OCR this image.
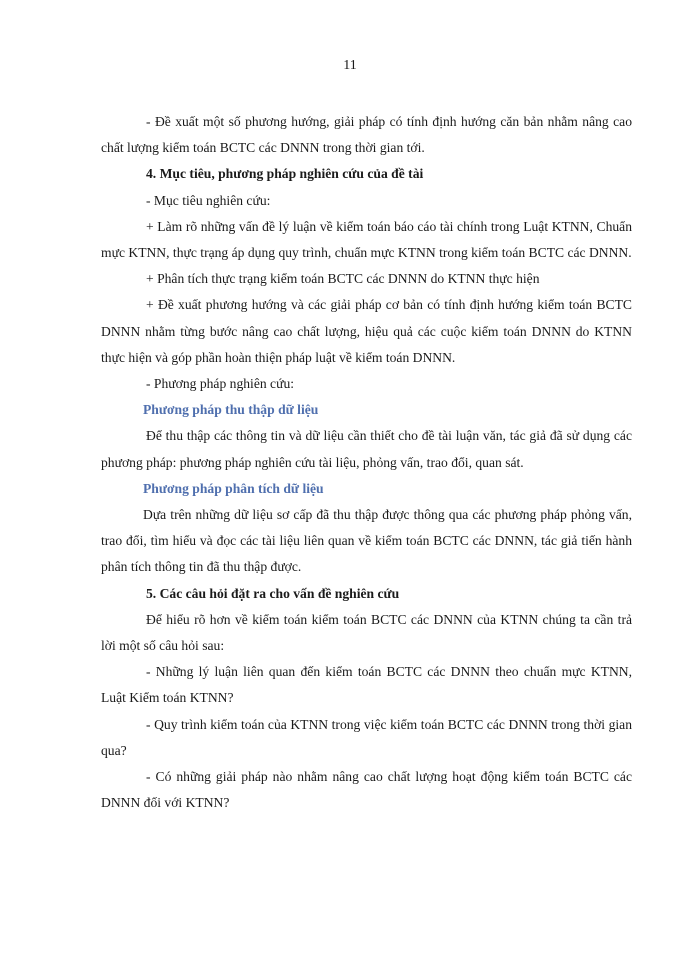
11

- Đề xuất một số phương hướng, giải pháp có tính định hướng căn bản nhằm nâng cao chất lượng kiểm toán BCTC các DNNN trong thời gian tới.

4. Mục tiêu, phương pháp nghiên cứu của đề tài

- Mục tiêu nghiên cứu:

+ Làm rõ những vấn đề lý luận về kiểm toán báo cáo tài chính trong Luật KTNN, Chuẩn mực KTNN, thực trạng áp dụng quy trình, chuẩn mực KTNN trong kiểm toán BCTC các DNNN.

+ Phân tích thực trạng kiểm toán BCTC các DNNN do KTNN thực hiện

+ Đề xuất phương hướng và các giải pháp cơ bản có tính định hướng kiểm toán BCTC DNNN nhằm từng bước nâng cao chất lượng, hiệu quả các cuộc kiểm toán DNNN do KTNN thực hiện và góp phần hoàn thiện pháp luật về kiểm toán DNNN.

- Phương pháp nghiên cứu:

Phương pháp thu thập dữ liệu

Để thu thập các thông tin và dữ liệu cần thiết cho đề tài luận văn, tác giả đã sử dụng các phương pháp: phương pháp nghiên cứu tài liệu, phỏng vấn, trao đổi, quan sát.

Phương pháp phân tích dữ liệu

Dựa trên những dữ liệu sơ cấp đã thu thập được thông qua các phương pháp phỏng vấn, trao đổi, tìm hiểu và đọc các tài liệu liên quan về kiểm toán BCTC các DNNN, tác giả tiến hành phân tích thông tin đã thu thập được.

5. Các câu hỏi đặt ra cho vấn đề nghiên cứu

Để hiểu rõ hơn về kiểm toán kiểm toán BCTC các DNNN của KTNN chúng ta cần trả lời một số câu hỏi sau:

- Những lý luận liên quan đến kiểm toán BCTC các DNNN theo chuẩn mực KTNN, Luật Kiểm toán KTNN?

- Quy trình kiểm toán của KTNN trong việc kiểm toán BCTC các DNNN trong thời gian qua?

- Có những giải pháp nào nhằm nâng cao chất lượng hoạt động kiểm toán BCTC các DNNN đối với KTNN?
